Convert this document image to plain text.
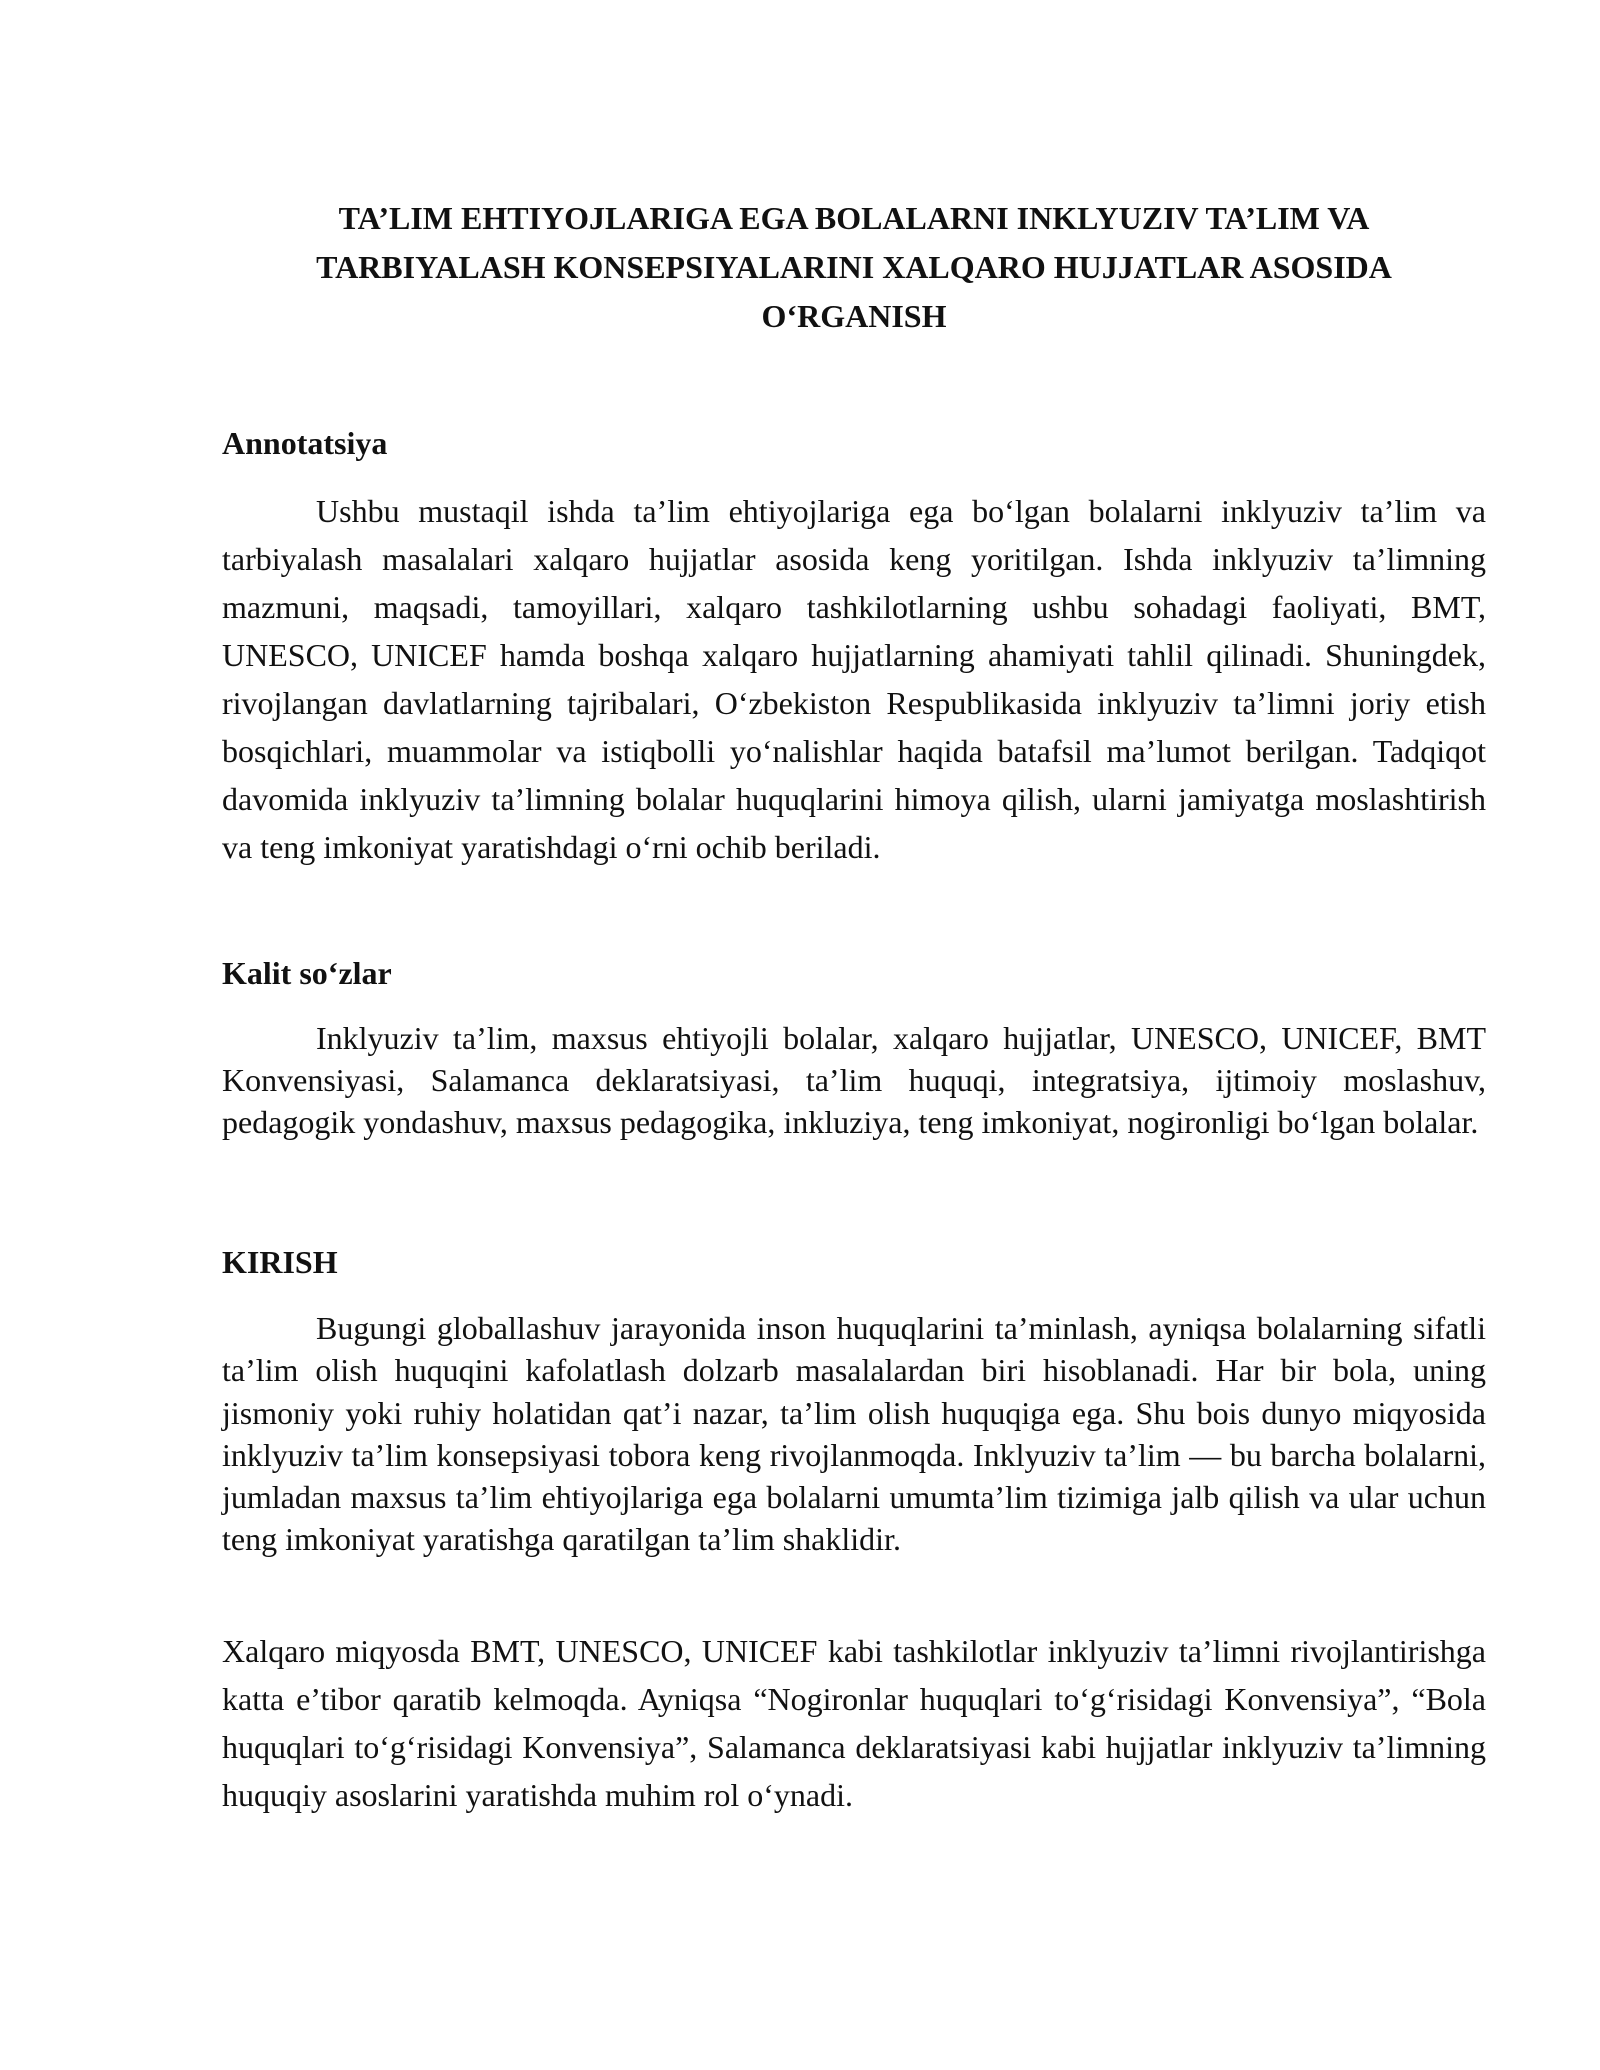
TA’LIM EHTIYOJLARIGA EGA BOLALARNI INKLYUZIV TA’LIM VA TARBIYALASH KONSEPSIYALARINI XALQARO HUJJATLAR ASOSIDA O‘RGANISH
Annotatsiya

Ushbu mustaqil ishda ta’lim ehtiyojlariga ega bo‘lgan bolalarni inklyuziv ta’lim va tarbiyalash masalalari xalqaro hujjatlar asosida keng yoritilgan. Ishda inklyuziv ta’limning mazmuni, maqsadi, tamoyillari, xalqaro tashkilotlarning ushbu sohadagi faoliyati, BMT, UNESCO, UNICEF hamda boshqa xalqaro hujjatlarning ahamiyati tahlil qilinadi. Shuningdek, rivojlangan davlatlarning tajribalari, O‘zbekiston Respublikasida inklyuziv ta’limni joriy etish bosqichlari, muammolar va istiqbolli yo‘nalishlar haqida batafsil ma’lumot berilgan. Tadqiqot davomida inklyuziv ta’limning bolalar huquqlarini himoya qilish, ularni jamiyatga moslashtirish va teng imkoniyat yaratishdagi o‘rni ochib beriladi.

Kalit so‘zlar

Inklyuziv ta’lim, maxsus ehtiyojli bolalar, xalqaro hujjatlar, UNESCO, UNICEF, BMT Konvensiyasi, Salamanca deklaratsiyasi, ta’lim huquqi, integratsiya, ijtimoiy moslashuv, pedagogik yondashuv, maxsus pedagogika, inkluziya, teng imkoniyat, nogironligi bo‘lgan bolalar.

KIRISH

Bugungi globallashuv jarayonida inson huquqlarini ta’minlash, ayniqsa bolalarning sifatli ta’lim olish huquqini kafolatlash dolzarb masalalardan biri hisoblanadi. Har bir bola, uning jismoniy yoki ruhiy holatidan qat’i nazar, ta’lim olish huquqiga ega. Shu bois dunyo miqyosida inklyuziv ta’lim konsepsiyasi tobora keng rivojlanmoqda. Inklyuziv ta’lim — bu barcha bolalarni, jumladan maxsus ta’lim ehtiyojlariga ega bolalarni umumta’lim tizimiga jalb qilish va ular uchun teng imkoniyat yaratishga qaratilgan ta’lim shaklidir.

Xalqaro miqyosda BMT, UNESCO, UNICEF kabi tashkilotlar inklyuziv ta’limni rivojlantirishga katta e’tibor qaratib kelmoqda. Ayniqsa “Nogironlar huquqlari to‘g‘risidagi Konvensiya”, “Bola huquqlari to‘g‘risidagi Konvensiya”, Salamanca deklaratsiyasi kabi hujjatlar inklyuziv ta’limning huquqiy asoslarini yaratishda muhim rol o‘ynadi.
